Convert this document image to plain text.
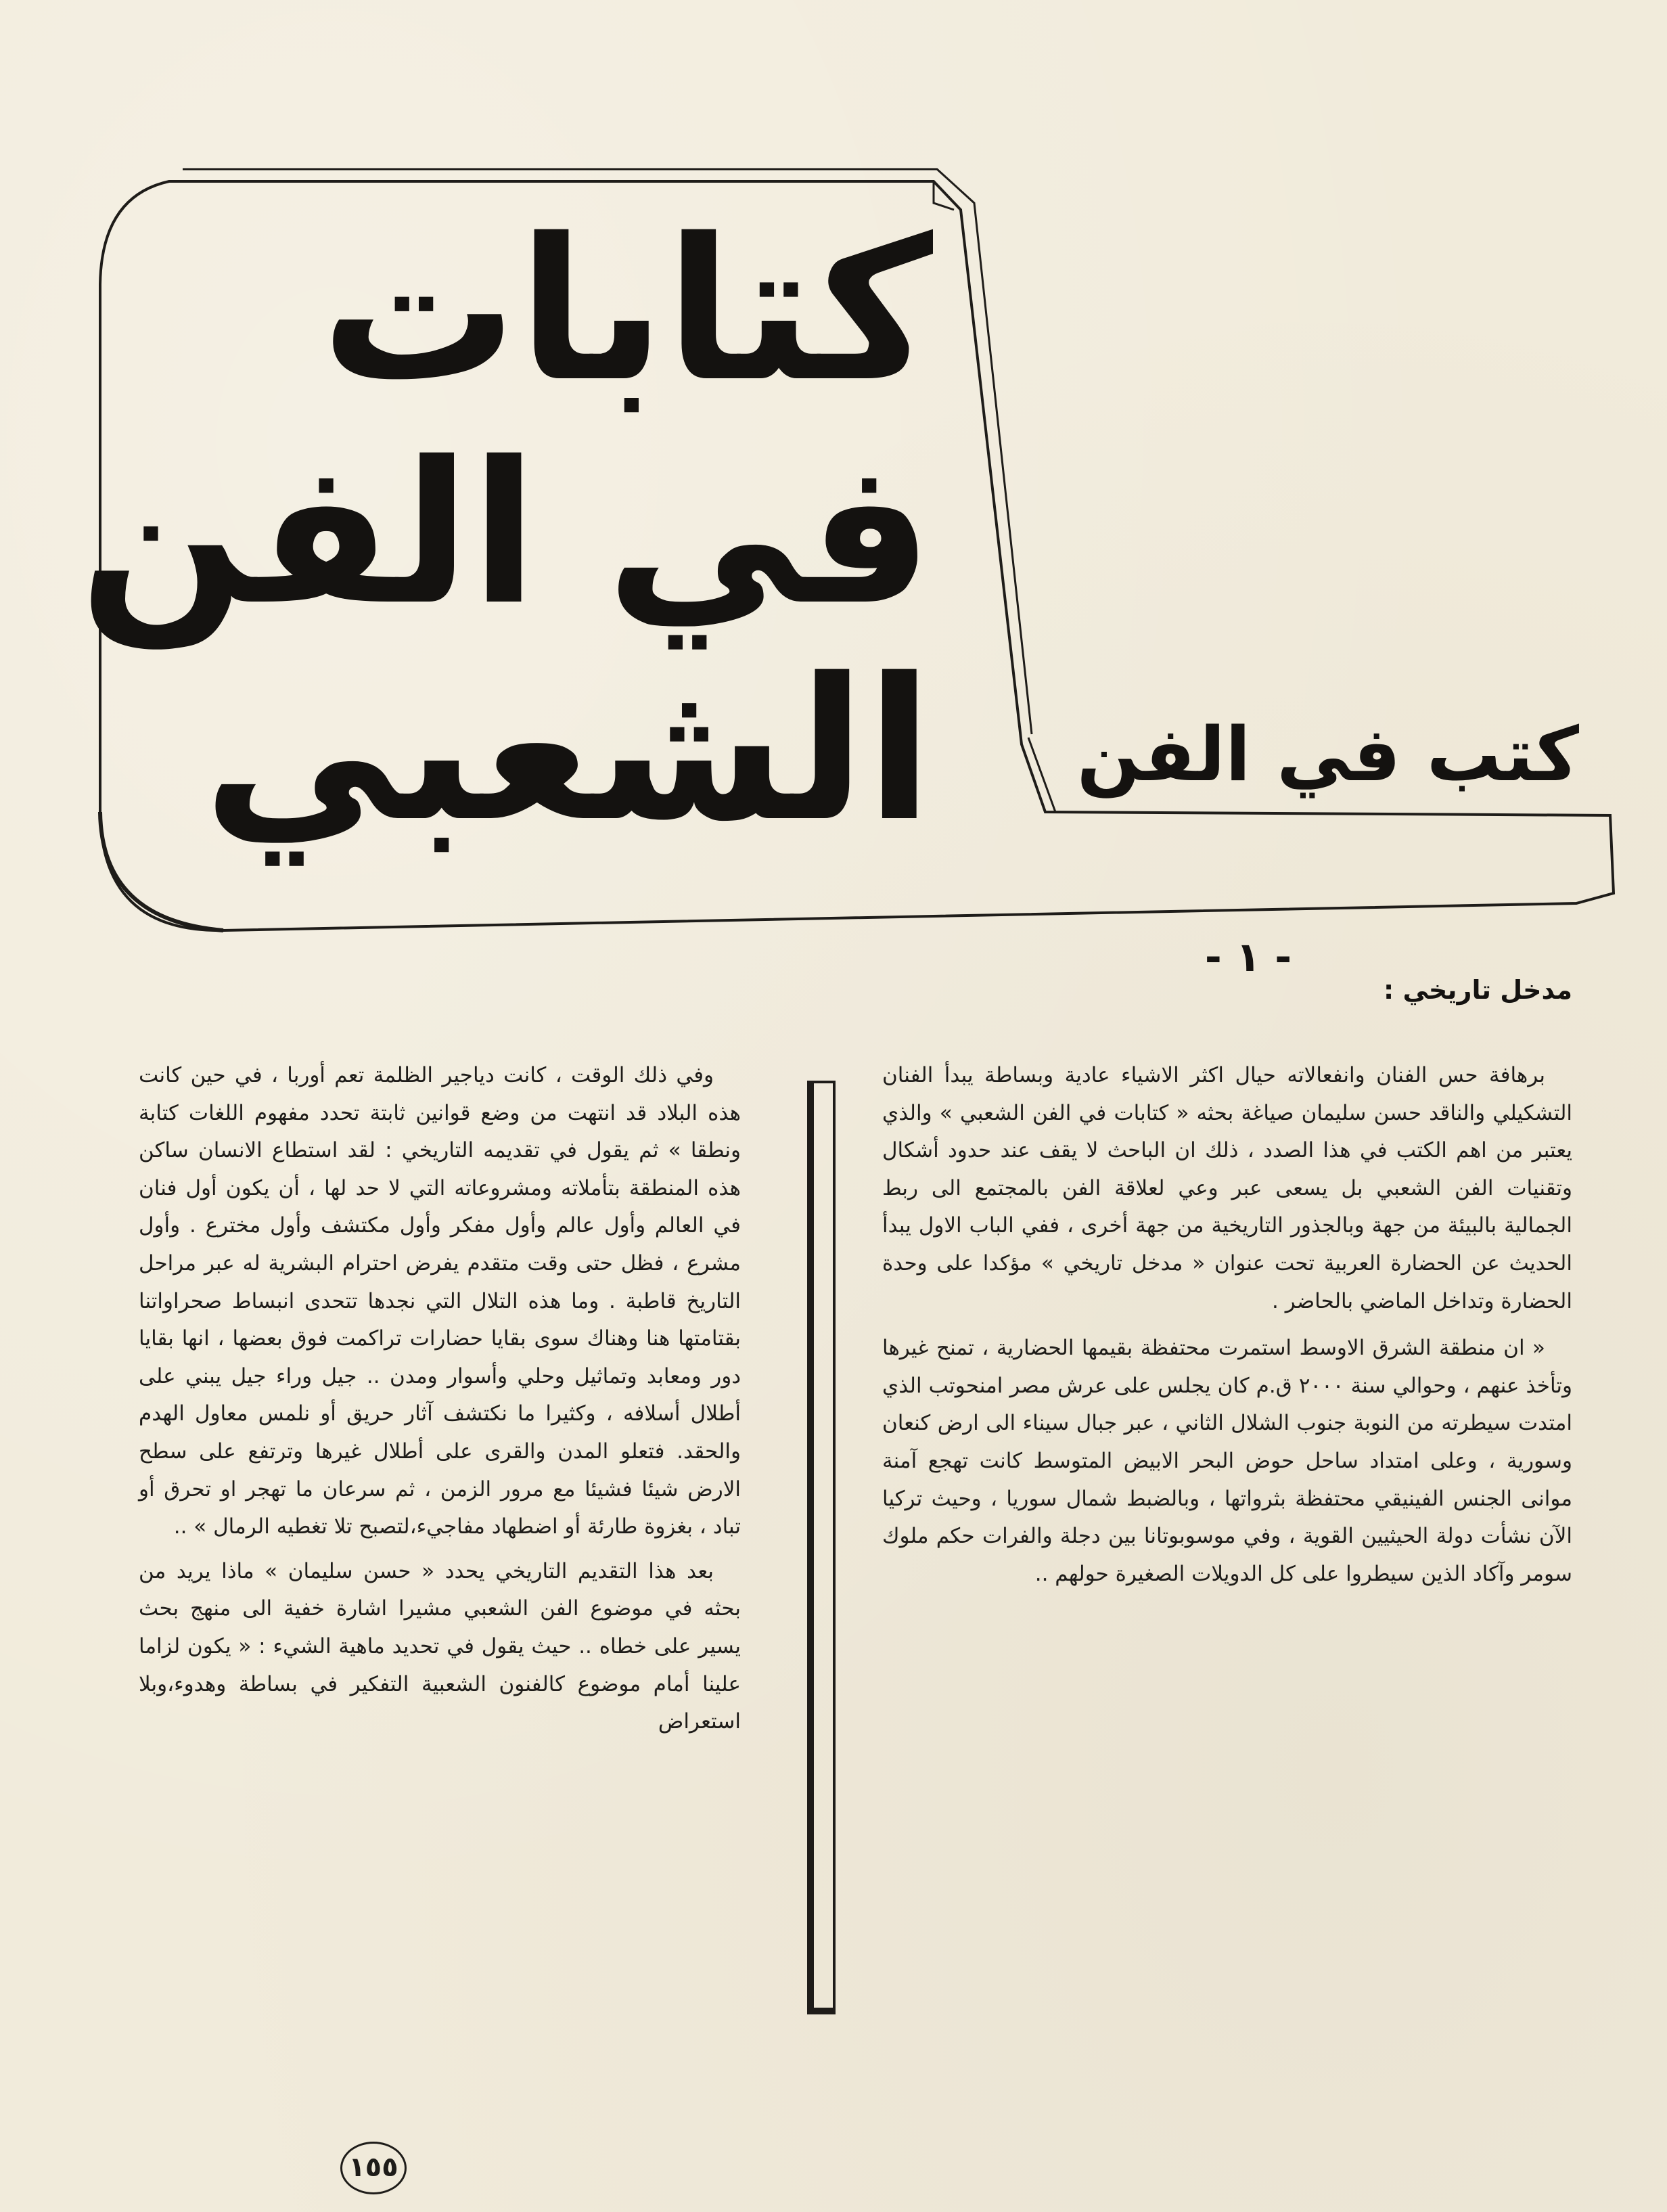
كتابات
في الفن
الشعبي كتب في الفن
- ١ -
مدخل تاريخي :

برهافة حس الفنان وانفعالاته حيال اكثر الاشياء عادية وبساطة يبدأ الفنان التشكيلي والناقد حسن سليمان صياغة بحثه « كتابات في الفن الشعبي » والذي يعتبر من اهم الكتب في هذا الصدد ، ذلك ان الباحث لا يقف عند حدود أشكال وتقنيات الفن الشعبي بل يسعى عبر وعي لعلاقة الفن بالمجتمع الى ربط الجمالية بالبيئة من جهة وبالجذور التاريخية من جهة أخرى ، ففي الباب الاول يبدأ الحديث عن الحضارة العربية تحت عنوان « مدخل تاريخي » مؤكدا على وحدة الحضارة وتداخل الماضي بالحاضر .

« ان منطقة الشرق الاوسط استمرت محتفظة بقيمها الحضارية ، تمنح غيرها وتأخذ عنهم ، وحوالي سنة ٢٠٠٠ ق.م كان يجلس على عرش مصر امنحوتب الذي امتدت سيطرته من النوبة جنوب الشلال الثاني ، عبر جبال سيناء الى ارض كنعان وسورية ، وعلى امتداد ساحل حوض البحر الابيض المتوسط كانت تهجع آمنة موانى الجنس الفينيقي محتفظة بثرواتها ، وبالضبط شمال سوريا ، وحيث تركيا الآن نشأت دولة الحيثيين القوية ، وفي موسوبوتانا بين دجلة والفرات حكم ملوك سومر وآكاد الذين سيطروا على كل الدويلات الصغيرة حولهم ..

وفي ذلك الوقت ، كانت دياجير الظلمة تعم أوربا ، في حين كانت هذه البلاد قد انتهت من وضع قوانين ثابتة تحدد مفهوم اللغات كتابة ونطقا » ثم يقول في تقديمه التاريخي : لقد استطاع الانسان ساكن هذه المنطقة بتأملاته ومشروعاته التي لا حد لها ، أن يكون أول فنان في العالم وأول عالم وأول مفكر وأول مكتشف وأول مخترع . وأول مشرع ، فظل حتى وقت متقدم يفرض احترام البشرية له عبر مراحل التاريخ قاطبة . وما هذه التلال التي نجدها تتحدى انبساط صحراواتنا بقتامتها هنا وهناك سوى بقايا حضارات تراكمت فوق بعضها ، انها بقايا دور ومعابد وتماثيل وحلي وأسوار ومدن .. جيل وراء جيل يبني على أطلال أسلافه ، وكثيرا ما نكتشف آثار حريق أو نلمس معاول الهدم والحقد. فتعلو المدن والقرى على أطلال غيرها وترتفع على سطح الارض شيئا فشيئا مع مرور الزمن ، ثم سرعان ما تهجر او تحرق أو تباد ، بغزوة طارئة أو اضطهاد مفاجيء،لتصبح تلا تغطيه الرمال » ..

بعد هذا التقديم التاريخي يحدد « حسن سليمان » ماذا يريد من بحثه في موضوع الفن الشعبي مشيرا اشارة خفية الى منهج بحث يسير على خطاه .. حيث يقول في تحديد ماهية الشيء : « يكون لزاما علينا أمام موضوع كالفنون الشعبية التفكير في بساطة وهدوء،وبلا استعراض

١٥٥
